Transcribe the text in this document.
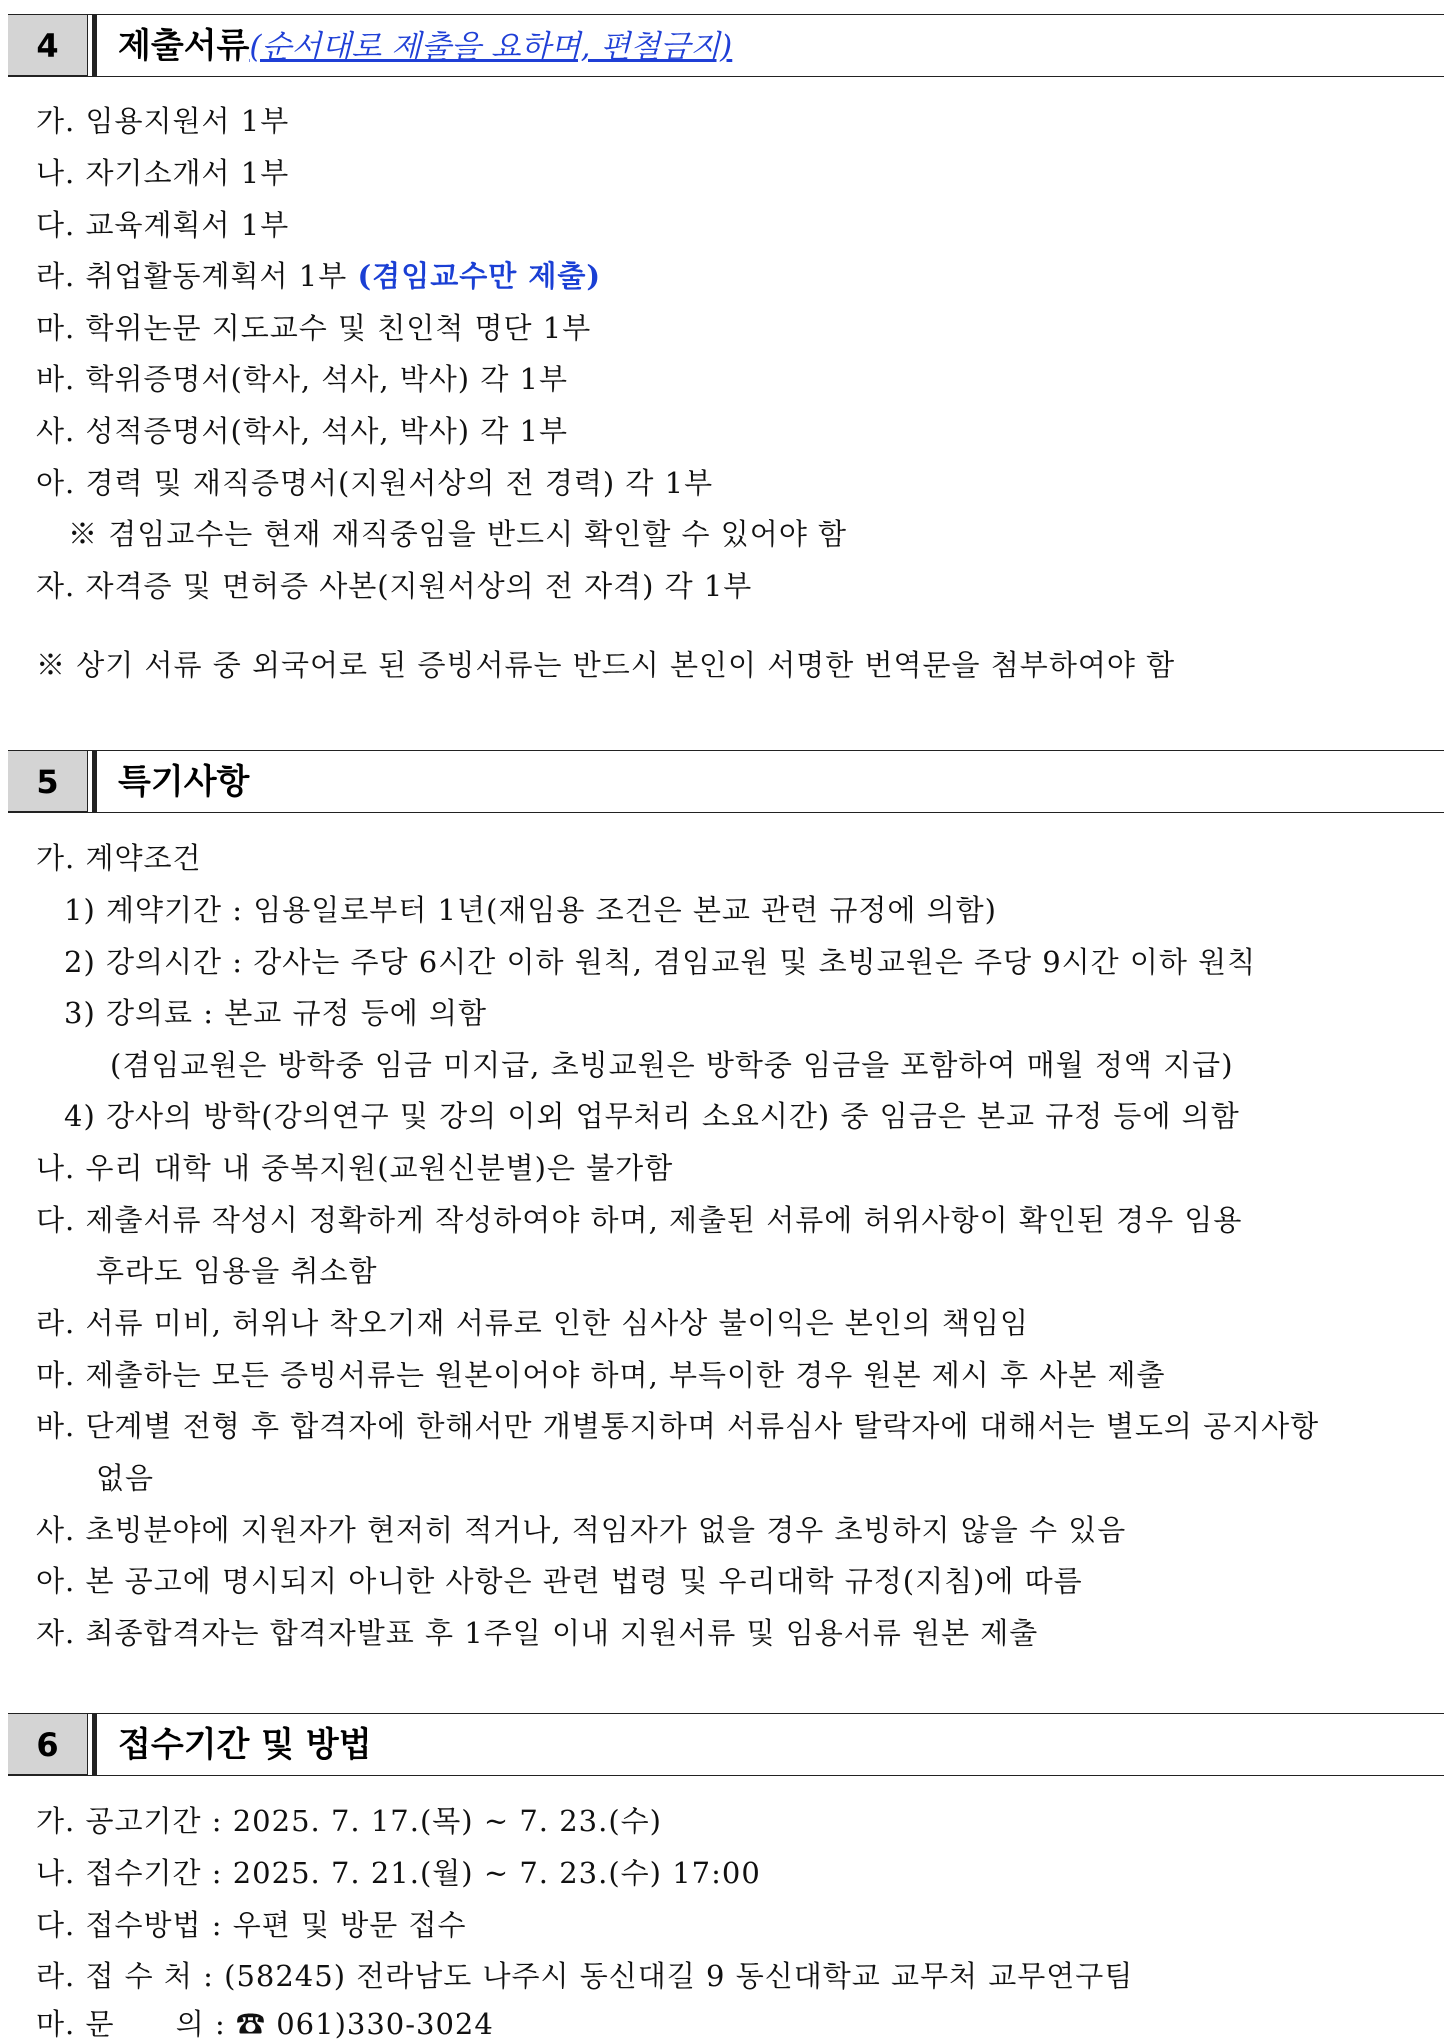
4	제출서류(순서대로 제출을 요하며, 편철금지)
가. 임용지원서 1부
나. 자기소개서 1부
다. 교육계획서 1부
라. 취업활동계획서 1부 (겸임교수만 제출)
마. 학위논문 지도교수 및 친인척 명단 1부
바. 학위증명서(학사, 석사, 박사) 각 1부
사. 성적증명서(학사, 석사, 박사) 각 1부
아. 경력 및 재직증명서(지원서상의 전 경력) 각 1부
※ 겸임교수는 현재 재직중임을 반드시 확인할 수 있어야 함
자. 자격증 및 면허증 사본(지원서상의 전 자격) 각 1부
※ 상기 서류 중 외국어로 된 증빙서류는 반드시 본인이 서명한 번역문을 첨부하여야 함
5	특기사항
가. 계약조건
1) 계약기간 : 임용일로부터 1년(재임용 조건은 본교 관련 규정에 의함)
2) 강의시간 : 강사는 주당 6시간 이하 원칙, 겸임교원 및 초빙교원은 주당 9시간 이하 원칙
3) 강의료 : 본교 규정 등에 의함
(겸임교원은 방학중 임금 미지급, 초빙교원은 방학중 임금을 포함하여 매월 정액 지급)
4) 강사의 방학(강의연구 및 강의 이외 업무처리 소요시간) 중 임금은 본교 규정 등에 의함
나. 우리 대학 내 중복지원(교원신분별)은 불가함
다. 제출서류 작성시 정확하게 작성하여야 하며, 제출된 서류에 허위사항이 확인된 경우 임용
후라도 임용을 취소함
라. 서류 미비, 허위나 착오기재 서류로 인한 심사상 불이익은 본인의 책임임
마. 제출하는 모든 증빙서류는 원본이어야 하며, 부득이한 경우 원본 제시 후 사본 제출
바. 단계별 전형 후 합격자에 한해서만 개별통지하며 서류심사 탈락자에 대해서는 별도의 공지사항
없음
사. 초빙분야에 지원자가 현저히 적거나, 적임자가 없을 경우 초빙하지 않을 수 있음
아. 본 공고에 명시되지 아니한 사항은 관련 법령 및 우리대학 규정(지침)에 따름
자. 최종합격자는 합격자발표 후 1주일 이내 지원서류 및 임용서류 원본 제출
6	접수기간 및 방법
가. 공고기간 : 2025. 7. 17.(목) ~ 7. 23.(수)
나. 접수기간 : 2025. 7. 21.(월) ~ 7. 23.(수) 17:00
다. 접수방법 : 우편 및 방문 접수
라. 접 수 처 : (58245) 전라남도 나주시 동신대길 9 동신대학교 교무처 교무연구팀
마. 문      의 : ☎ 061)330-3024
